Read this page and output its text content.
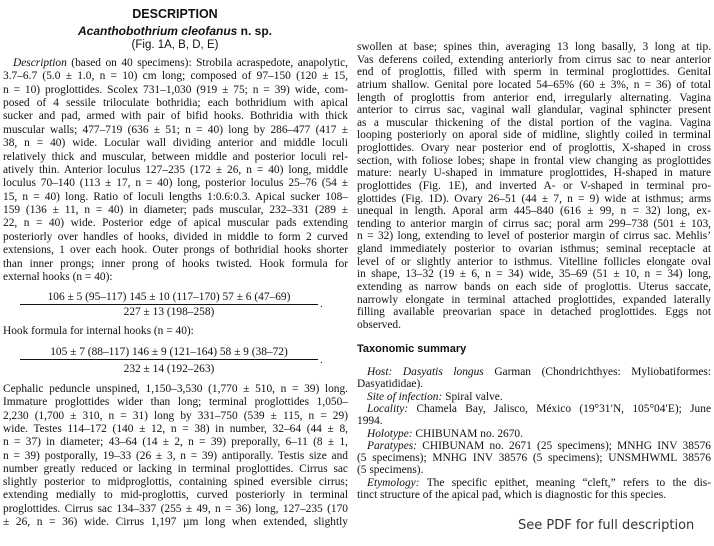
DESCRIPTION
Acanthobothrium cleofanus n. sp.
(Fig. 1A, B, D, E)
Description (based on 40 specimens): Strobila acraspedote, anapolytic,
3.7–6.7 (5.0 ± 1.0, n = 10) cm long; composed of 97–150 (120 ± 15,
n = 10) proglottides. Scolex 731–1,030 (919 ± 75; n = 39) wide, com-
posed of 4 sessile triloculate bothridia; each bothridium with apical
sucker and pad, armed with pair of bifid hooks. Bothridia with thick
muscular walls; 477–719 (636 ± 51; n = 40) long by 286–477 (417 ±
38, n = 40) wide. Locular wall dividing anterior and middle loculi
relatively thick and muscular, between middle and posterior loculi rel-
atively thin. Anterior loculus 127–235 (172 ± 26, n = 40) long, middle
loculus 70–140 (113 ± 17, n = 40) long, posterior loculus 25–76 (54 ±
15, n = 40) long. Ratio of loculi lengths 1:0.6:0.3. Apical sucker 108–
159 (136 ± 11, n = 40) in diameter; pads muscular, 232–331 (289 ±
22, n = 40) wide. Posterior edge of apical muscular pads extending
posteriorly over handles of hooks, divided in middle to form 2 curved
extensions, 1 over each hook. Outer prongs of bothridial hooks shorter
than inner prongs; inner prong of hooks twisted. Hook formula for
external hooks (n = 40):
106 ± 5 (95–117) 145 ± 10 (117–170) 57 ± 6 (47–69)
.
227 ± 13 (198–258)
Hook formula for internal hooks (n = 40):
105 ± 7 (88–117) 146 ± 9 (121–164) 58 ± 9 (38–72)
.
232 ± 14 (192–263)
Cephalic peduncle unspined, 1,150–3,530 (1,770 ± 510, n = 39) long.
Immature proglottides wider than long; terminal proglottides 1,050–
2,230 (1,700 ± 310, n = 31) long by 331–750 (539 ± 115, n = 29)
wide. Testes 114–172 (140 ± 12, n = 38) in number, 32–64 (44 ± 8,
n = 37) in diameter; 43–64 (14 ± 2, n = 39) preporally, 6–11 (8 ± 1,
n = 39) postporally, 19–33 (26 ± 3, n = 39) antiporally. Testis size and
number greatly reduced or lacking in terminal proglottides. Cirrus sac
slightly posterior to midproglottis, containing spined eversible cirrus;
extending medially to mid-proglottis, curved posteriorly in terminal
proglottides. Cirrus sac 134–337 (255 ± 49, n = 36) long, 127–235 (170
± 26, n = 36) wide. Cirrus 1,197 µm long when extended, slightly
swollen at base; spines thin, averaging 13 long basally, 3 long at tip.
Vas deferens coiled, extending anteriorly from cirrus sac to near anterior
end of proglottis, filled with sperm in terminal proglottides. Genital
atrium shallow. Genital pore located 54–65% (60 ± 3%, n = 36) of total
length of proglottis from anterior end, irregularly alternating. Vagina
anterior to cirrus sac, vaginal wall glandular, vaginal sphincter present
as a muscular thickening of the distal portion of the vagina. Vagina
looping posteriorly on aporal side of midline, slightly coiled in terminal
proglottides. Ovary near posterior end of proglottis, X-shaped in cross
section, with foliose lobes; shape in frontal view changing as proglottides
mature: nearly U-shaped in immature proglottides, H-shaped in mature
proglottides (Fig. 1E), and inverted A- or V-shaped in terminal pro-
glottides (Fig. 1D). Ovary 26–51 (44 ± 7, n = 9) wide at isthmus; arms
unequal in length. Aporal arm 445–840 (616 ± 99, n = 32) long, ex-
tending to anterior margin of cirrus sac; poral arm 299–738 (501 ± 103,
n = 32) long, extending to level of posterior margin of cirrus sac. Mehlis’
gland immediately posterior to ovarian isthmus; seminal receptacle at
level of or slightly anterior to isthmus. Vitelline follicles elongate oval
in shape, 13–32 (19 ± 6, n = 34) wide, 35–69 (51 ± 10, n = 34) long,
extending as narrow bands on each side of proglottis. Uterus saccate,
narrowly elongate in terminal attached proglottides, expanded laterally
filling available preovarian space in detached proglottides. Eggs not
observed.
Taxonomic summary
Host: Dasyatis longus Garman (Chondrichthyes: Myliobatiformes:
Dasyatididae).
Site of infection: Spiral valve.
Locality: Chamela Bay, Jalisco, México (19°31′N, 105°04′E); June
1994.
Holotype: CHIBUNAM no. 2670.
Paratypes: CHIBUNAM no. 2671 (25 specimens); MNHG INV 38576
(5 specimens); MNHG INV 38576 (5 specimens); UNSMHWML 38576
(5 specimens).
Etymology: The specific epithet, meaning “cleft,” refers to the dis-
tinct structure of the apical pad, which is diagnostic for this species.
See PDF for full description
